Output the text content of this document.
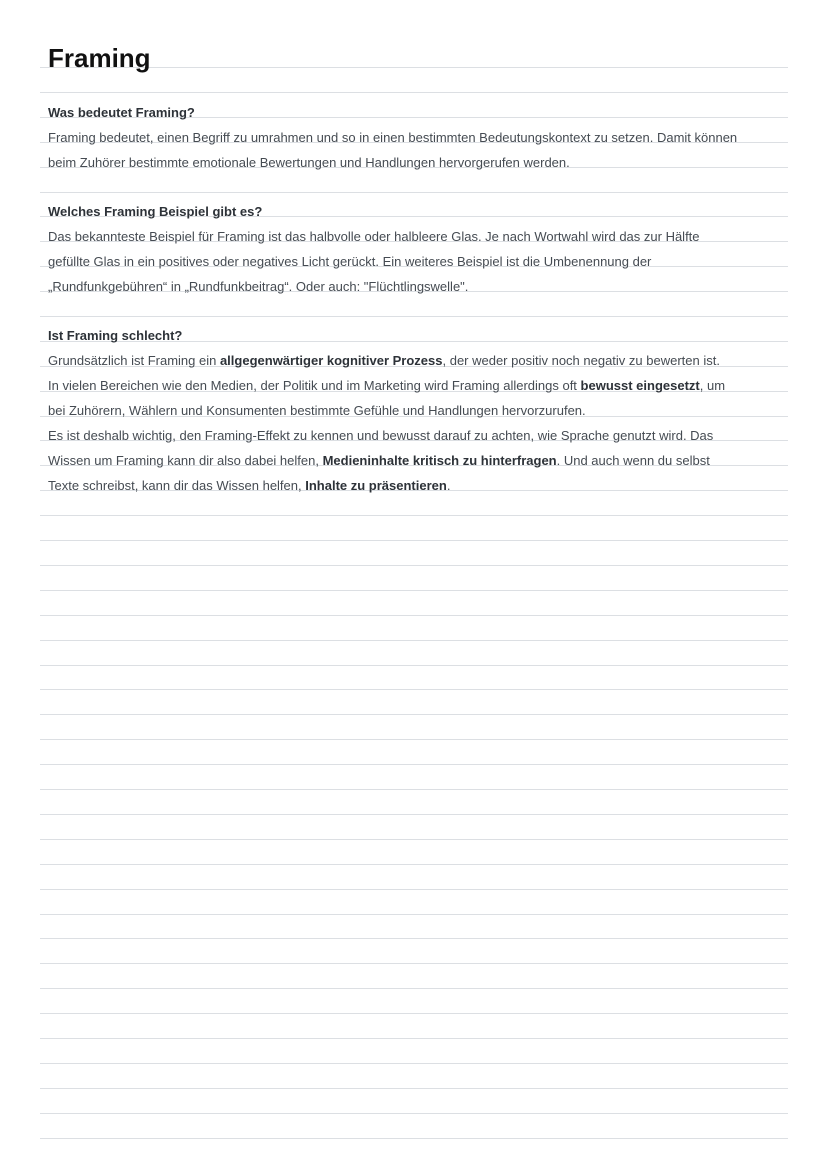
Framing
Was bedeutet Framing?
Framing bedeutet, einen Begriff zu umrahmen und so in einen bestimmten Bedeutungskontext zu setzen. Damit können
beim Zuhörer bestimmte emotionale Bewertungen und Handlungen hervorgerufen werden.
Welches Framing Beispiel gibt es?
Das bekannteste Beispiel für Framing ist das halbvolle oder halbleere Glas. Je nach Wortwahl wird das zur Hälfte
gefüllte Glas in ein positives oder negatives Licht gerückt. Ein weiteres Beispiel ist die Umbenennung der
„Rundfunkgebühren“ in „Rundfunkbeitrag“. Oder auch: "Flüchtlingswelle".
Ist Framing schlecht?
Grundsätzlich ist Framing ein allgegenwärtiger kognitiver Prozess, der weder positiv noch negativ zu bewerten ist.
In vielen Bereichen wie den Medien, der Politik und im Marketing wird Framing allerdings oft bewusst eingesetzt, um
bei Zuhörern, Wählern und Konsumenten bestimmte Gefühle und Handlungen hervorzurufen.
Es ist deshalb wichtig, den Framing-Effekt zu kennen und bewusst darauf zu achten, wie Sprache genutzt wird. Das
Wissen um Framing kann dir also dabei helfen, Medieninhalte kritisch zu hinterfragen. Und auch wenn du selbst
Texte schreibst, kann dir das Wissen helfen, Inhalte zu präsentieren.
